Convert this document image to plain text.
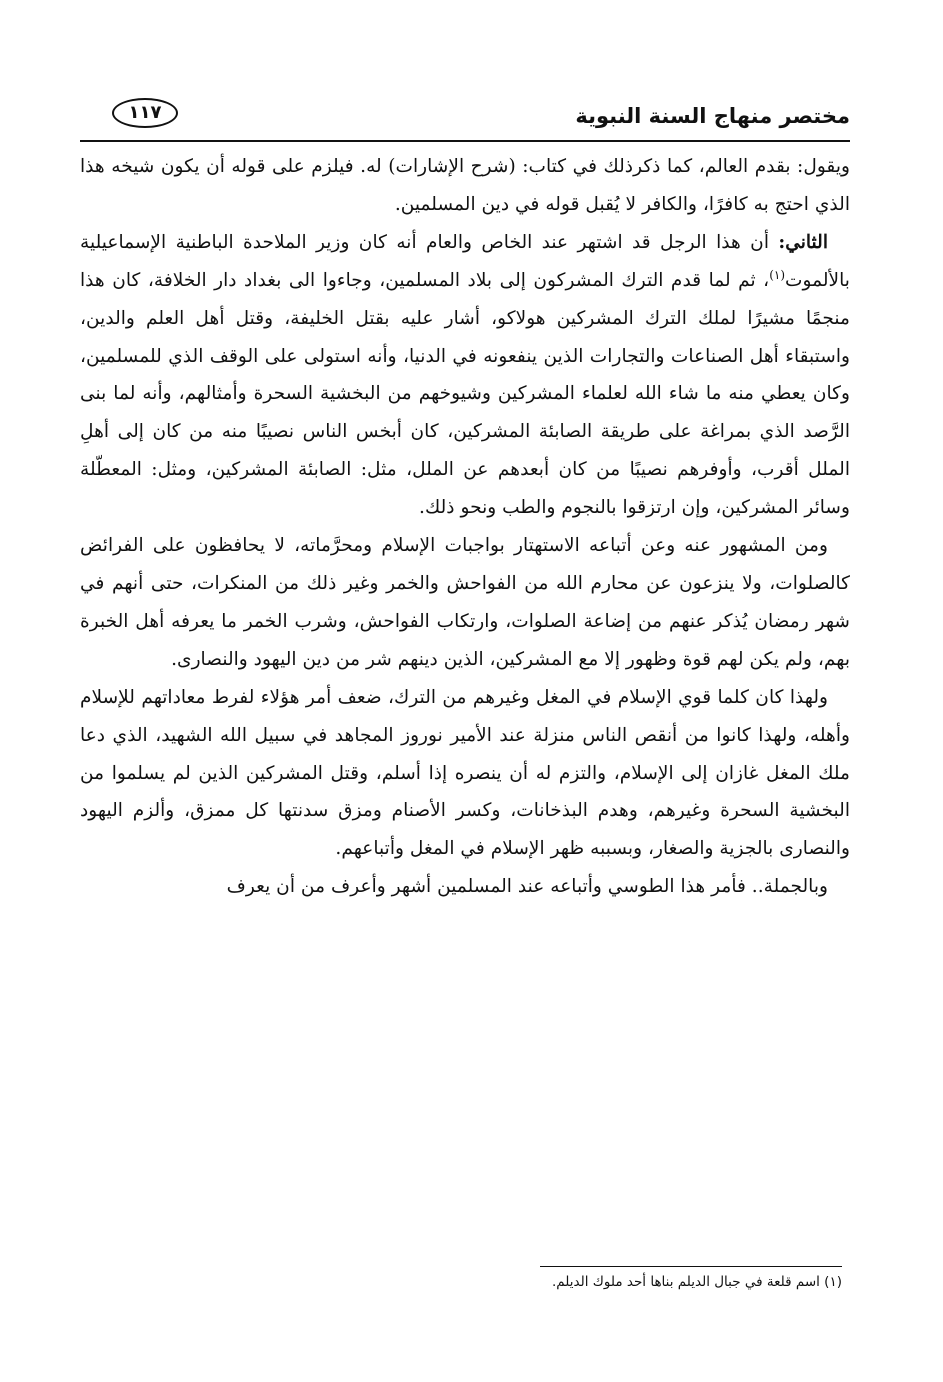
مختصر منهاج السنة النبوية
١١٧

ويقول: بقدم العالم، كما ذكرذلك في كتاب: (شرح الإشارات) له. فيلزم على قوله أن يكون شيخه هذا الذي احتج به كافرًا، والكافر لا يُقبل قوله في دين المسلمين.

الثاني: أن هذا الرجل قد اشتهر عند الخاص والعام أنه كان وزير الملاحدة الباطنية الإسماعيلية بالألموت$^{(١)}$، ثم لما قدم الترك المشركون إلى بلاد المسلمين، وجاءوا الى بغداد دار الخلافة، كان هذا منجمًا مشيرًا لملك الترك المشركين هولاكو، أشار عليه بقتل الخليفة، وقتل أهل العلم والدين، واستبقاء أهل الصناعات والتجارات الذين ينفعونه في الدنيا، وأنه استولى على الوقف الذي للمسلمين، وكان يعطي منه ما شاء الله لعلماء المشركين وشيوخهم من البخشية السحرة وأمثالهم، وأنه لما بنى الرَّصد الذي بمراغة على طريقة الصابئة المشركين، كان أبخس الناس نصيبًا منه من كان إلى أهلِ الملل أقرب، وأوفرهم نصيبًا من كان أبعدهم عن الملل، مثل: الصابئة المشركين، ومثل: المعطّلة وسائر المشركين، وإن ارتزقوا بالنجوم والطب ونحو ذلك.

ومن المشهور عنه وعن أتباعه الاستهتار بواجبات الإسلام ومحرَّماته، لا يحافظون على الفرائض كالصلوات، ولا ينزعون عن محارم الله من الفواحش والخمر وغير ذلك من المنكرات، حتى أنهم في شهر رمضان يُذكر عنهم من إضاعة الصلوات، وارتكاب الفواحش، وشرب الخمر ما يعرفه أهل الخبرة بهم، ولم يكن لهم قوة وظهور إلا مع المشركين، الذين دينهم شر من دين اليهود والنصارى.

ولهذا كان كلما قوي الإسلام في المغل وغيرهم من الترك، ضعف أمر هؤلاء لفرط معاداتهم للإسلام وأهله، ولهذا كانوا من أنقص الناس منزلة عند الأمير نوروز المجاهد في سبيل الله الشهيد، الذي دعا ملك المغل غازان إلى الإسلام، والتزم له أن ينصره إذا أسلم، وقتل المشركين الذين لم يسلموا من البخشية السحرة وغيرهم، وهدم البذخانات، وكسر الأصنام ومزق سدنتها كل ممزق، وألزم اليهود والنصارى بالجزية والصغار، وبسببه ظهر الإسلام في المغل وأتباعهم.

وبالجملة.. فأمر هذا الطوسي وأتباعه عند المسلمين أشهر وأعرف من أن يعرف

(١) اسم قلعة في جبال الديلم بناها أحد ملوك الديلم.
